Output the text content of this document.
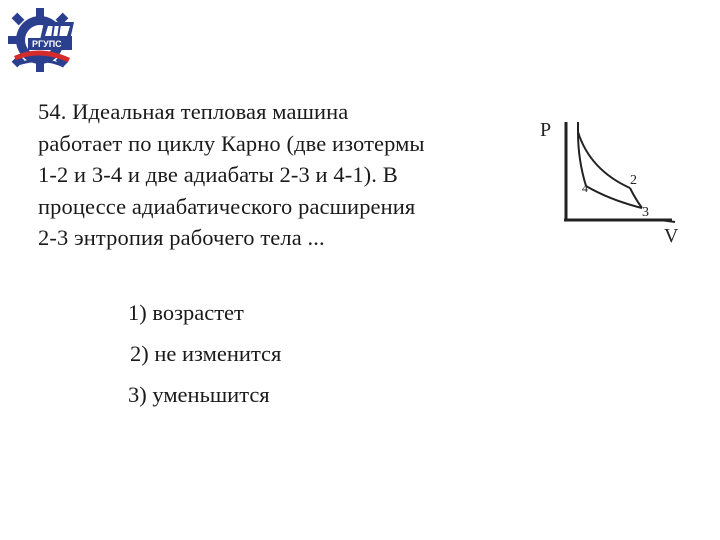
РГУПС
54. Идеальная тепловая машина
работает по циклу Карно (две изотермы
1-2 и 3-4 и две адиабаты 2-3 и 4-1). В
процессе адиабатического расширения
2-3 энтропия рабочего тела ...
1) возрастет
2) не изменится
3) уменьшится
P
V
2
3
4
